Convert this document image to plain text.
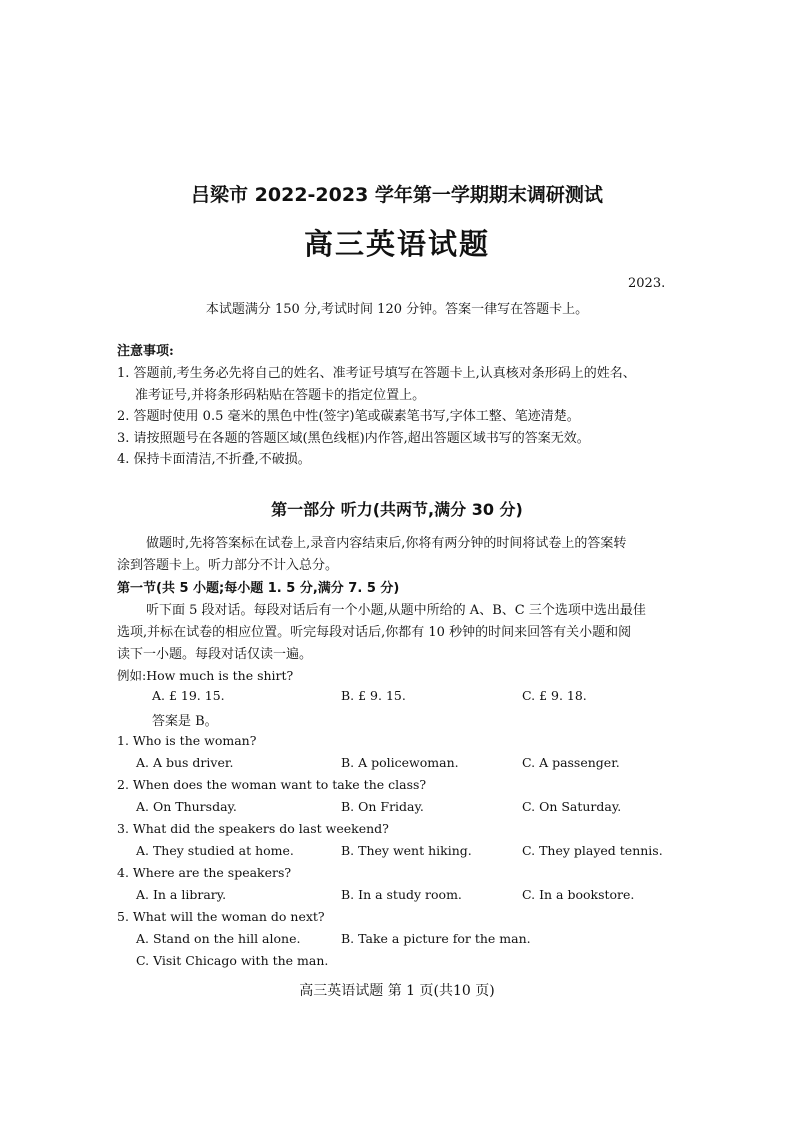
吕梁市 2022-2023 学年第一学期期末调研测试
高三英语试题
2023.
本试题满分 150 分,考试时间 120 分钟。答案一律写在答题卡上。
注意事项:
1. 答题前,考生务必先将自己的姓名、准考证号填写在答题卡上,认真核对条形码上的姓名、
准考证号,并将条形码粘贴在答题卡的指定位置上。
2. 答题时使用 0.5 毫米的黑色中性(签字)笔或碳素笔书写,字体工整、笔迹清楚。
3. 请按照题号在各题的答题区域(黑色线框)内作答,超出答题区域书写的答案无效。
4. 保持卡面清洁,不折叠,不破损。
第一部分 听力(共两节,满分 30 分)
做题时,先将答案标在试卷上,录音内容结束后,你将有两分钟的时间将试卷上的答案转
涂到答题卡上。听力部分不计入总分。
第一节(共 5 小题;每小题 1. 5 分,满分 7. 5 分)
听下面 5 段对话。每段对话后有一个小题,从题中所给的 A、B、C 三个选项中选出最佳
选项,并标在试卷的相应位置。听完每段对话后,你都有 10 秒钟的时间来回答有关小题和阅
读下一小题。每段对话仅读一遍。
例如:How much is the shirt?
A. £ 19. 15.	B. £ 9. 15.	C. £ 9. 18.
答案是 B。
1. Who is the woman?
A. A bus driver.	B. A policewoman.	C. A passenger.
2. When does the woman want to take the class?
A. On Thursday.	B. On Friday.	C. On Saturday.
3. What did the speakers do last weekend?
A. They studied at home.	B. They went hiking.	C. They played tennis.
4. Where are the speakers?
A. In a library.	B. In a study room.	C. In a bookstore.
5. What will the woman do next?
A. Stand on the hill alone.	B. Take a picture for the man.
C. Visit Chicago with the man.
高三英语试题 第 1 页(共10 页)
